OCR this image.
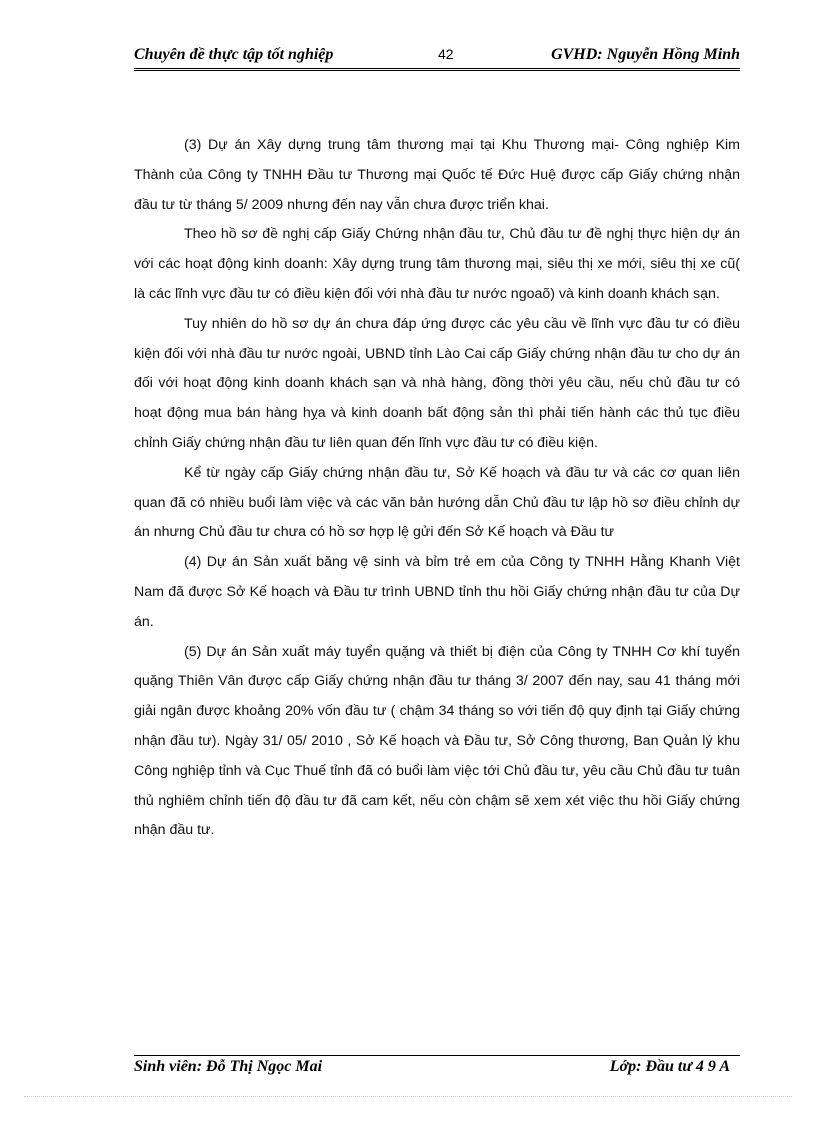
Chuyên đề thực tập tốt nghiệp	42	GVHD: Nguyễn Hồng Minh

(3) Dự án Xây dựng trung tâm thương mại tại Khu Thương mại- Công nghiệp Kim Thành của Công ty TNHH Đầu tư Thương mại Quốc tế Đức Huệ được cấp Giấy chứng nhận đầu tư từ tháng 5/ 2009 nhưng đến nay vẫn chưa được triển khai.

Theo hồ sơ đề nghị cấp Giấy Chứng nhận đầu tư, Chủ đầu tư đề nghị thực hiện dự án với các hoạt động kinh doanh: Xây dựng trung tâm thương mại, siêu thị xe mới, siêu thị xe cũ( là các lĩnh vực đầu tư có điều kiện đối với nhà đầu tư nước ngoaõ) và kinh doanh khách sạn.

Tuy nhiên do hồ sơ dự án chưa đáp ứng được các yêu cầu về lĩnh vực đầu tư có điều kiện đối với nhà đầu tư nước ngoài, UBND tỉnh Lào Cai cấp Giấy chứng nhận đầu tư cho dự án đối với hoạt động kinh doanh khách sạn và nhà hàng, đồng thời yêu cầu, nếu chủ đầu tư có hoạt động mua bán hàng hỵa và kinh doanh bất động sản thì phải tiến hành các thủ tục điều chỉnh Giấy chứng nhận đầu tư liên quan đến lĩnh vực đầu tư có điều kiện.

Kể từ ngày cấp Giấy chứng nhận đầu tư, Sở Kế hoạch và đầu tư và các cơ quan liên quan đã có nhiều buổi làm việc và các văn bản hướng dẫn Chủ đầu tư lập hồ sơ điều chỉnh dự án nhưng Chủ đầu tư chưa có hồ sơ hợp lệ gửi đến Sở Kế hoạch và Đầu tư

(4) Dự án Sản xuất băng vệ sinh và bỉm trẻ em của Công ty TNHH Hằng Khanh Việt Nam đã được Sở Kế hoạch và Đầu tư trình UBND tỉnh thu hồi Giấy chứng nhận đầu tư của Dự án.

(5) Dự án Sản xuất máy tuyển quặng và thiết bị điện của Công ty TNHH Cơ khí tuyển quặng Thiên Vân được cấp Giấy chứng nhận đầu tư tháng 3/ 2007 đến nay, sau 41 tháng mới giải ngân được khoảng 20% vốn đầu tư ( chậm 34 tháng so với tiến độ quy định tại Giấy chứng nhận đầu tư). Ngày 31/ 05/ 2010 , Sở Kế hoạch và Đầu tư, Sở Công thương, Ban Quản lý khu Công nghiệp tỉnh và Cục Thuế tỉnh đã có buổi làm việc tới Chủ đầu tư, yêu cầu Chủ đầu tư tuân thủ nghiêm chỉnh tiến độ đầu tư đã cam kết, nếu còn chậm sẽ xem xét việc thu hồi Giấy chứng nhận đầu tư.

Sinh viên: Đỗ Thị Ngọc Mai	Lớp: Đầu tư 4 9 A
